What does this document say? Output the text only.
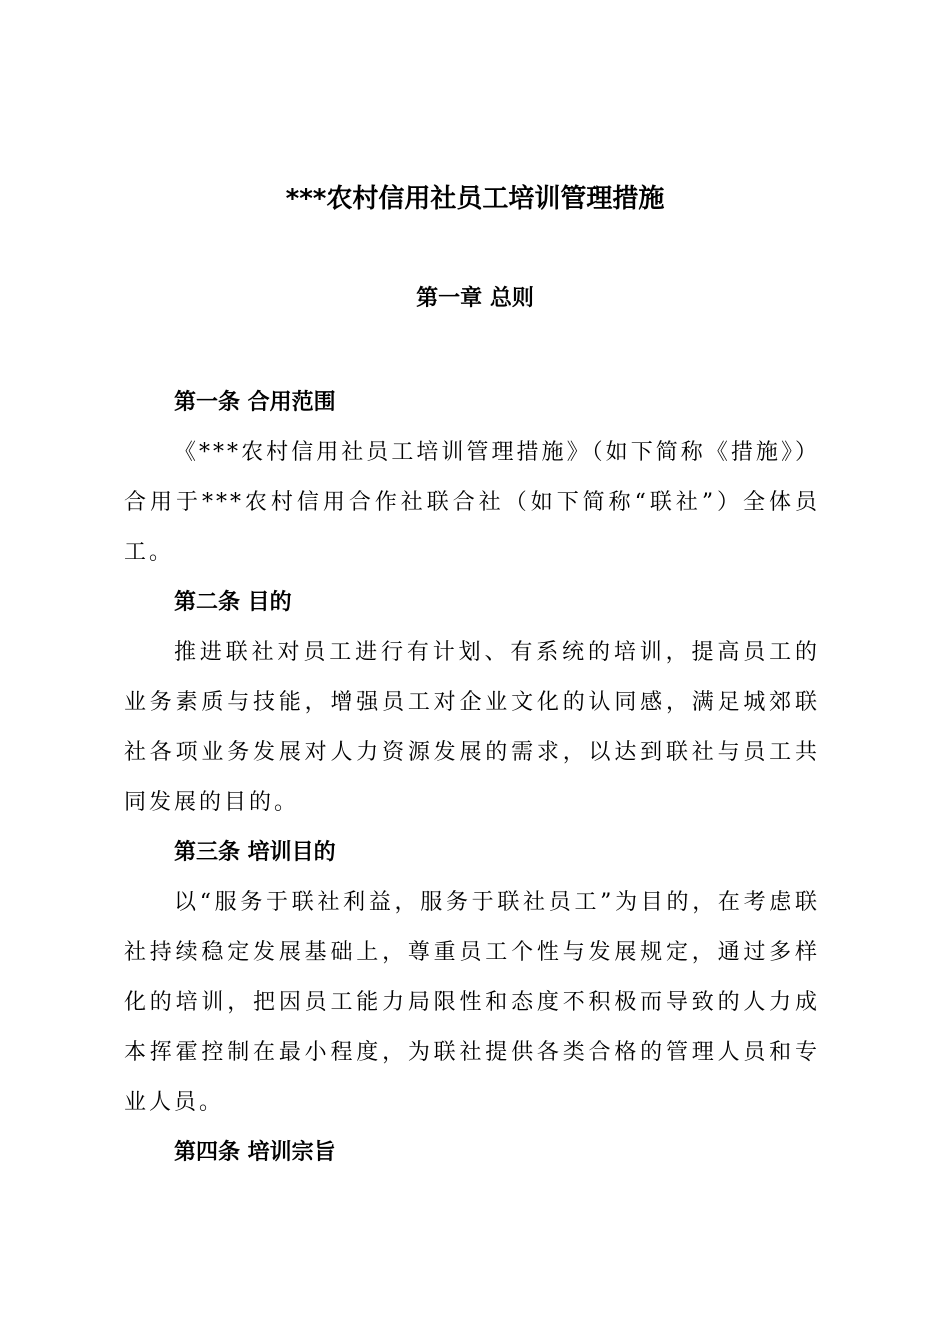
***农村信用社员工培训管理措施
第一章 总则
第一条 合用范围

《***农村信用社员工培训管理措施》（如下简称《措施》）合用于***农村信用合作社联合社（如下简称“联社”）全体员工。

第二条 目的

推进联社对员工进行有计划、有系统的培训，提高员工的业务素质与技能，增强员工对企业文化的认同感，满足城郊联社各项业务发展对人力资源发展的需求，以达到联社与员工共同发展的目的。

第三条 培训目的

以“服务于联社利益，服务于联社员工”为目的，在考虑联社持续稳定发展基础上，尊重员工个性与发展规定，通过多样化的培训，把因员工能力局限性和态度不积极而导致的人力成本挥霍控制在最小程度，为联社提供各类合格的管理人员和专业人员。

第四条 培训宗旨
